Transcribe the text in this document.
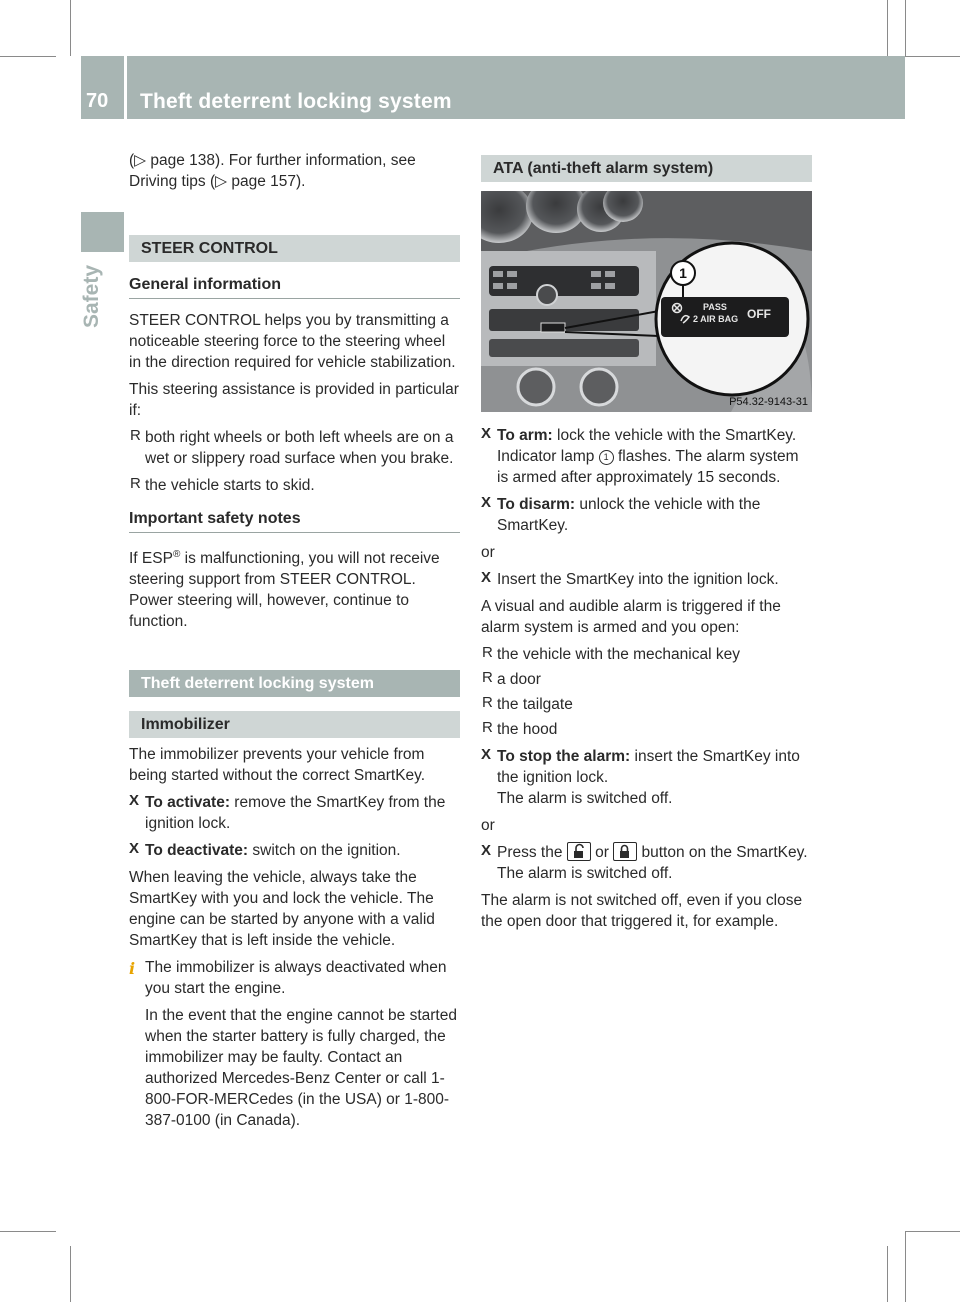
70	Theft deterrent locking system
Safety

(▷ page 138). For further information, see Driving tips (▷ page 157).

STEER CONTROL
General information

STEER CONTROL helps you by transmitting a noticeable steering force to the steering wheel in the direction required for vehicle stabilization.

This steering assistance is provided in particular if:

R both right wheels or both left wheels are on a wet or slippery road surface when you brake.

R the vehicle starts to skid.

Important safety notes

If ESP® is malfunctioning, you will not receive steering support from STEER CONTROL. Power steering will, however, continue to function.

Theft deterrent locking system
Immobilizer

The immobilizer prevents your vehicle from being started without the correct SmartKey.

X To activate: remove the SmartKey from the ignition lock.

X To deactivate: switch on the ignition.

When leaving the vehicle, always take the SmartKey with you and lock the vehicle. The engine can be started by anyone with a valid SmartKey that is left inside the vehicle.

i The immobilizer is always deactivated when you start the engine.

In the event that the engine cannot be started when the starter battery is fully charged, the immobilizer may be faulty. Contact an authorized Mercedes-Benz Center or call 1-800-FOR-MERCedes (in the USA) or 1-800-387-0100 (in Canada).

ATA (anti-theft alarm system)
1
PASS
2 AIR BAG OFF
P54.32-9143-31
X To arm: lock the vehicle with the SmartKey.

Indicator lamp 1 flashes. The alarm system is armed after approximately 15 seconds.

X To disarm: unlock the vehicle with the SmartKey.

or

X Insert the SmartKey into the ignition lock.

A visual and audible alarm is triggered if the alarm system is armed and you open:

R the vehicle with the mechanical key

R a door

R the tailgate

R the hood

X To stop the alarm: insert the SmartKey into the ignition lock.

The alarm is switched off.

or

X Press the  or  button on the SmartKey.

The alarm is switched off.

The alarm is not switched off, even if you close the open door that triggered it, for example.
